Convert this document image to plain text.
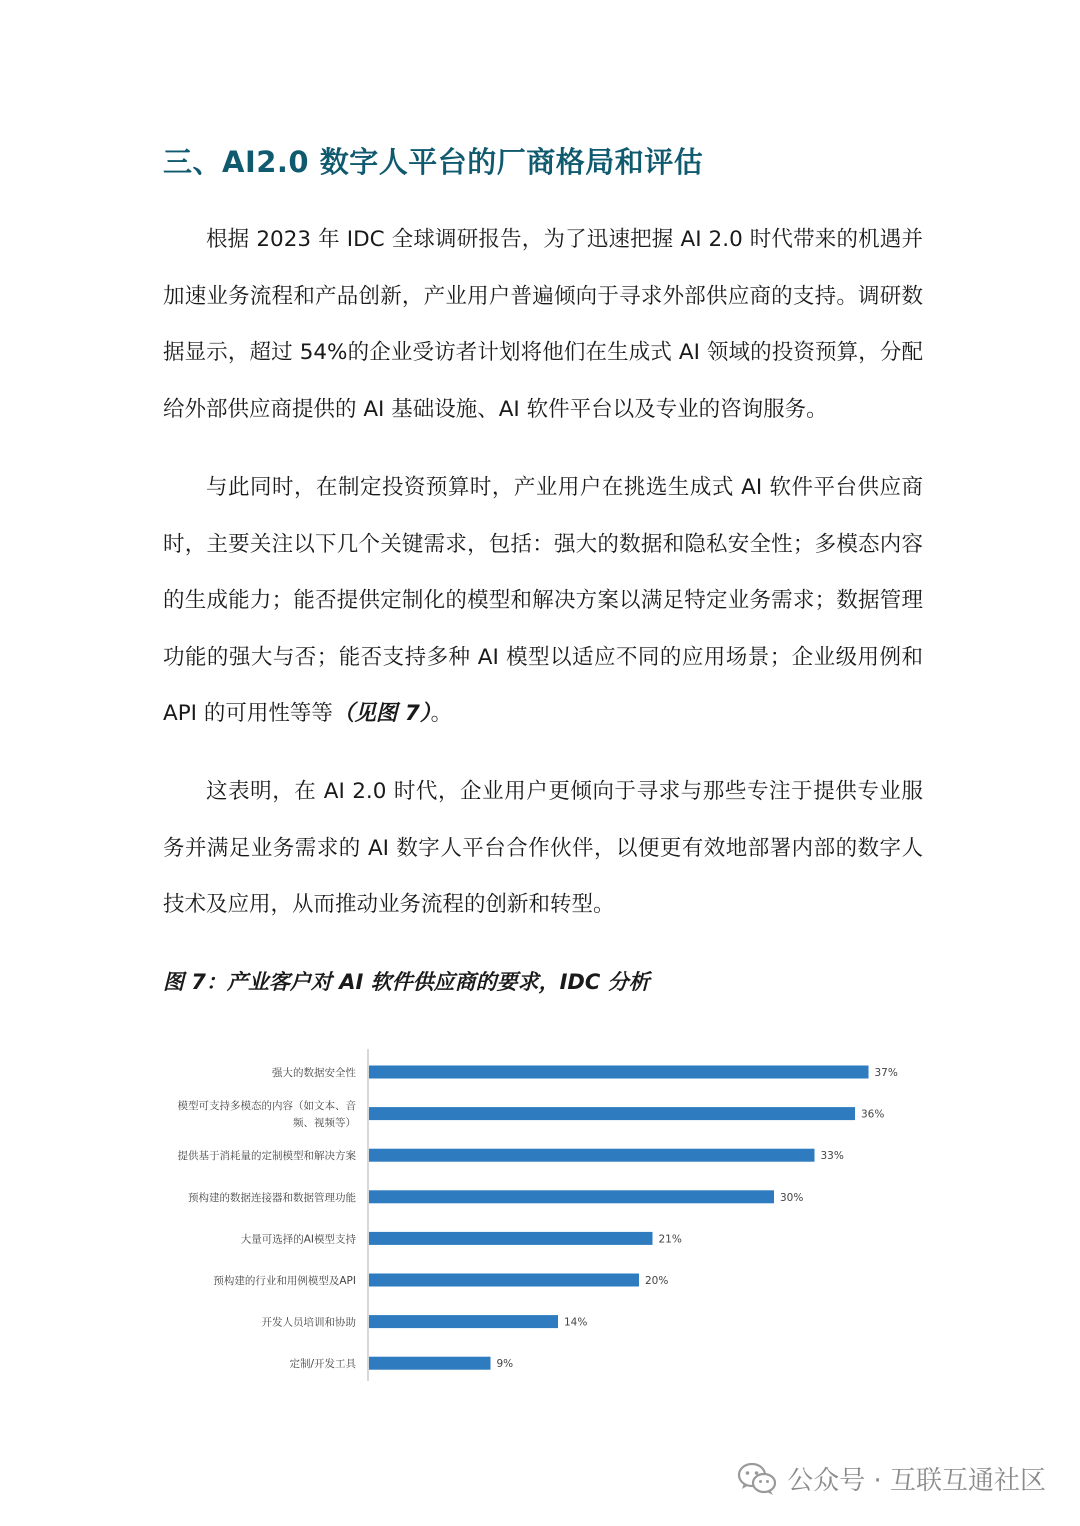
三、AI2.0 数字人平台的厂商格局和评估

根据 2023 年 IDC 全球调研报告，为了迅速把握 AI 2.0 时代带来的机遇并加速业务流程和产品创新，产业用户普遍倾向于寻求外部供应商的支持。调研数据显示，超过 54%的企业受访者计划将他们在生成式 AI 领域的投资预算，分配给外部供应商提供的 AI 基础设施、AI 软件平台以及专业的咨询服务。

与此同时，在制定投资预算时，产业用户在挑选生成式 AI 软件平台供应商时，主要关注以下几个关键需求，包括：强大的数据和隐私安全性；多模态内容的生成能力；能否提供定制化的模型和解决方案以满足特定业务需求；数据管理功能的强大与否；能否支持多种 AI 模型以适应不同的应用场景；企业级用例和 API 的可用性等等（见图 7）。

这表明，在 AI 2.0 时代，企业用户更倾向于寻求与那些专注于提供专业服务并满足业务需求的 AI 数字人平台合作伙伴，以便更有效地部署内部的数字人技术及应用，从而推动业务流程的创新和转型。

图 7：产业客户对 AI 软件供应商的要求，IDC 分析
37%
强大的数据安全性
36%
模型可支持多模态的内容（如文本、音
频、视频等）
33%
提供基于消耗量的定制模型和解决方案
30%
预构建的数据连接器和数据管理功能
21%
大量可选择的AI模型支持
20%
预构建的行业和用例模型及API
14%
开发人员培训和协助
9%
定制/开发工具
公众号 · 互联互通社区
